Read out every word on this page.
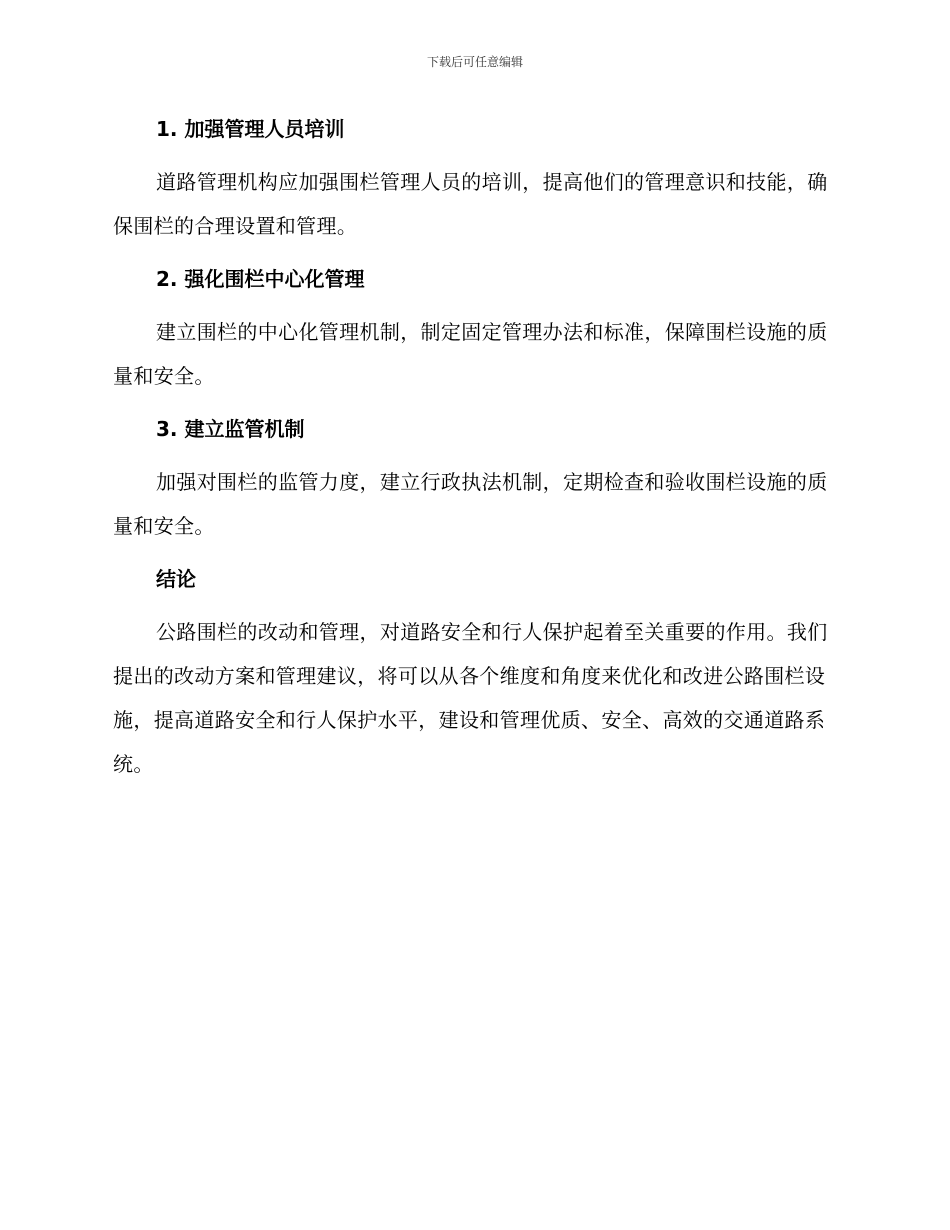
下载后可任意编辑
1. 加强管理人员培训

道路管理机构应加强围栏管理人员的培训，提高他们的管理意识和技能，确保围栏的合理设置和管理。

2. 强化围栏中心化管理

建立围栏的中心化管理机制，制定固定管理办法和标准，保障围栏设施的质量和安全。

3. 建立监管机制

加强对围栏的监管力度，建立行政执法机制，定期检查和验收围栏设施的质量和安全。

结论

公路围栏的改动和管理，对道路安全和行人保护起着至关重要的作用。我们提出的改动方案和管理建议，将可以从各个维度和角度来优化和改进公路围栏设施，提高道路安全和行人保护水平，建设和管理优质、安全、高效的交通道路系统。
